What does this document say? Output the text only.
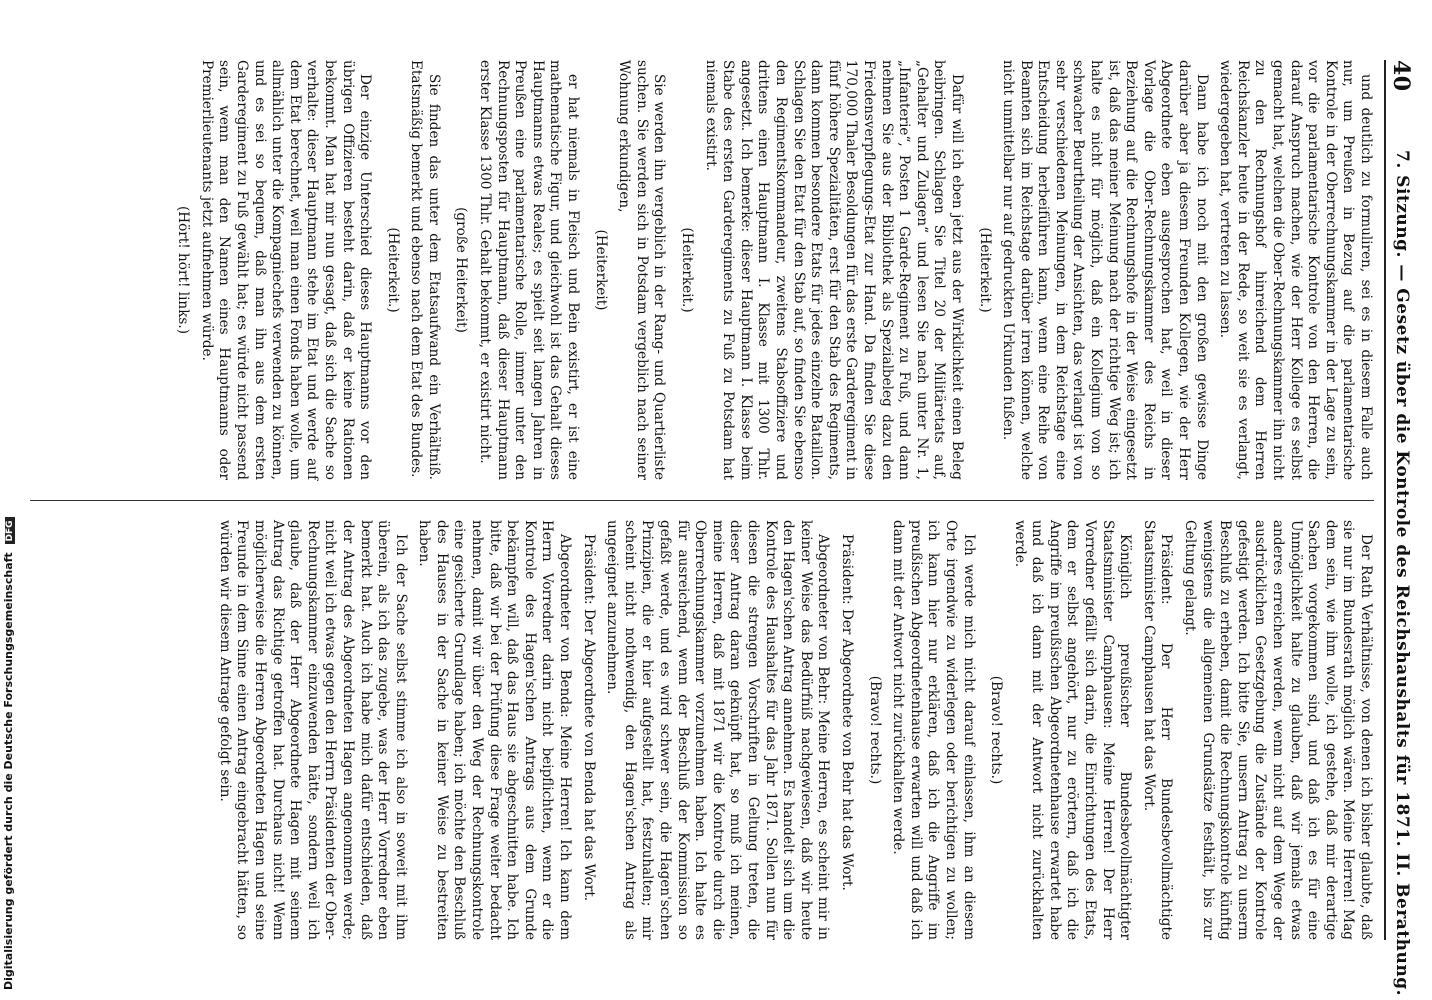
40
7. Sitzung. — Gesetz über die Kontrole des Reichshaushalts für 1871. II. Berathung.

und deutlich zu formuliren, sei es in diesem Falle auch nur, um Preußen in Bezug auf die parlamentarische Kontrole in der Oberrechnungskammer in der Lage zu sein, vor die parlamentarische Kontrole von den Herren, die darauf Anspruch machen, wie der Herr Kollege es selbst gemacht hat, welchen die Ober-Rechnungskammer ihn nicht zu den Rechnungshof hinreichend dem Herren Reichskanzler heute in der Rede, so weit sie es verlangt, wiedergegeben hat, vertreten zu lassen.

Dann habe ich noch mit den großen gewisse Dinge darüber aber ja diesem Freunden Kollegen, wie der Herr Abgeordnete eben ausgesprochen hat, weil in dieser Vorlage die Ober-Rechnungskammer des Reichs in Beziehung auf die Rechnungshofe in der Weise eingesetzt ist, daß das meiner Meinung nach der richtige Weg ist; ich halte es nicht für möglich, daß ein Kollegium von so schwacher Beurtheilung der Ansichten, das verlangt ist von sehr verschiedenen Meinungen, in dem Reichstage eine Entscheidung herbeiführen kann, wenn eine Reihe von Beamten sich im Reichstage darüber irren können, welche nicht unmittelbar nur auf gedruckten Urkunden fußen.

(Heiterkeit.)

Dafür will ich eben jetzt aus der Wirklichkeit einen Beleg beibringen. Schlagen Sie Titel 20 der Militäretats auf, „Gehalter und Zulagen“ und lesen Sie nach unter Nr. 1, „Infanterie“, Posten 1 Garde-Regiment zu Fuß, und dann nehmen Sie aus der Bibliothek als Spezialbeleg dazu den Friedensverpflegungs-Etat zur Hand. Da finden Sie diese 170,000 Thaler Besoldungen für das erste Garderegiment in fünf höhere Spezialitäten, erst für den Stab des Regiments, dann kommen besondere Etats für jedes einzelne Bataillon. Schlagen Sie den Etat für den Stab auf, so finden Sie ebenso den Regimentskommandeur, zweitens Stabsoffiziere und drittens einen Hauptmann I. Klasse mit 1300 Thlr. angesetzt. Ich bemerke: dieser Hauptmann I. Klasse beim Stabe des ersten Garderegiments zu Fuß zu Potsdam hat niemals existirt.

(Heiterkeit.)

Sie werden ihn vergeblich in der Rang- und Quartierliste suchen. Sie werden sich in Potsdam vergeblich nach seiner Wohnung erkundigen,

(Heiterkeit)

er hat niemals in Fleisch und Bein existirt, er ist eine mathematische Figur, und gleichwohl ist das Gehalt dieses Hauptmanns etwas Reales; es spielt seit langen Jahren in Preußen eine parlamentarische Rolle, immer unter den Rechnungsposten für Hauptmann, daß dieser Hauptmann erster Klasse 1300 Thlr. Gehalt bekommt, er existirt nicht.

(große Heiterkeit)

Sie finden das unter dem Etatsaufwand ein Verhältniß. Etatsmäßig bemerkt und ebenso nach dem Etat des Bundes.

(Heiterkeit.)

Der einzige Unterschied dieses Hauptmanns vor den übrigen Offizieren besteht darin, daß er keine Rationen bekommt. Man hat mir nun gesagt, daß sich die Sache so verhalte: dieser Hauptmann stehe im Etat und werde auf dem Etat berechnet, weil man einen Fonds haben wolle, um allmählich unter die Kompagniechefs verwenden zu können, und es sei so bequem, daß man ihn aus dem ersten Garderegiment zu Fuß gewählt hat; es würde nicht passend sein, wenn man den Namen eines Hauptmanns oder Premierlieutenants jetzt aufnehmen würde.

(Hört! hört! links.)

Der Rath Verhältnisse, von denen ich bisher glaubte, daß sie nur im Bundesrath möglich wären. Meine Herren! Mag dem sein, wie ihm wolle, ich gestehe, daß mir derartige Sachen vorgekommen sind, und daß ich es für eine Unmöglichkeit halte zu glauben, daß wir jemals etwas anderes erreichen werden, wenn nicht auf dem Wege der ausdrücklichen Gesetzgebung die Zustände der Kontrole gefestigt werden. Ich bitte Sie, unsern Antrag zu unserm Beschluß zu erheben, damit die Rechnungskontrole künftig wenigstens die allgemeinen Grundsätze festhält, bis zur Geltung gelangt.

Präsident: Der Herr Bundesbevollmächtigte Staatsminister Camphausen hat das Wort.

Königlich preußischer Bundesbevollmächtigter Staatsminister Camphausen: Meine Herren! Der Herr Vorredner gefällt sich darin, die Einrichtungen des Etats, dem er selbst angehört, nur zu erörtern, daß ich die Angriffe im preußischen Abgeordnetenhause erwartet habe und daß ich dann mit der Antwort nicht zurückhalten werde.

(Bravo! rechts.)

Ich werde mich nicht darauf einlassen, ihm an diesem Orte irgendwie zu widerlegen oder berichtigen zu wollen; ich kann hier nur erklären, daß ich die Angriffe im preußischen Abgeordnetenhause erwarten will und daß ich dann mit der Antwort nicht zurückhalten werde.

(Bravo! rechts.)

Präsident: Der Abgeordnete von Behr hat das Wort.

Abgeordneter von Behr: Meine Herren, es scheint mir in keiner Weise das Bedürfniß nachgewiesen, daß wir heute den Hagen'schen Antrag annehmen. Es handelt sich um die Kontrole des Haushaltes für das Jahr 1871. Sollen nun für diesen die strengen Vorschriften in Geltung treten, die dieser Antrag daran geknüpft hat, so muß ich meinen, meine Herren, daß mit 1871 wir die Kontrole durch die Oberrechnungskammer vorzunehmen haben. Ich halte es für ausreichend, wenn der Beschluß der Kommission so gefaßt werde, und es wird schwer sein, die Hagen'schen Prinzipien, die er hier aufgestellt hat, festzuhalten; mir scheint nicht nothwendig, den Hagen'schen Antrag als ungeeignet anzunehmen.

Präsident: Der Abgeordnete von Benda hat das Wort.

Abgeordneter von Benda: Meine Herren! Ich kann dem Herrn Vorredner darin nicht beipflichten, wenn er die Kontrole des Hagen'schen Antrags aus dem Grunde bekämpfen will, daß das Haus sie abgeschnitten habe. Ich bitte, daß wir bei der Prüfung diese Frage weiter bedacht nehmen, damit wir über den Weg der Rechnungskontrole eine gesicherte Grundlage haben; ich möchte den Beschluß des Hauses in der Sache in keiner Weise zu bestreiten haben.

Ich der Sache selbst stimme ich also in soweit mit ihm überein, als ich das zugebe, was der Herr Vorredner eben bemerkt hat. Auch ich habe mich dafür entschieden, daß der Antrag des Abgeordneten Hagen angenommen werde; nicht weil ich etwas gegen den Herrn Präsidenten der Ober-Rechnungskammer einzuwenden hätte, sondern weil ich glaube, daß der Herr Abgeordnete Hagen mit seinem Antrag das Richtige getroffen hat. Durchaus nicht! Wenn möglicherweise die Herren Abgeordneten Hagen und seine Freunde in dem Sinne einen Antrag eingebracht hätten, so würden wir diesem Antrage gefolgt sein.

Digitalisierung gefördert durch die Deutsche Forschungsgemeinschaft DFG
